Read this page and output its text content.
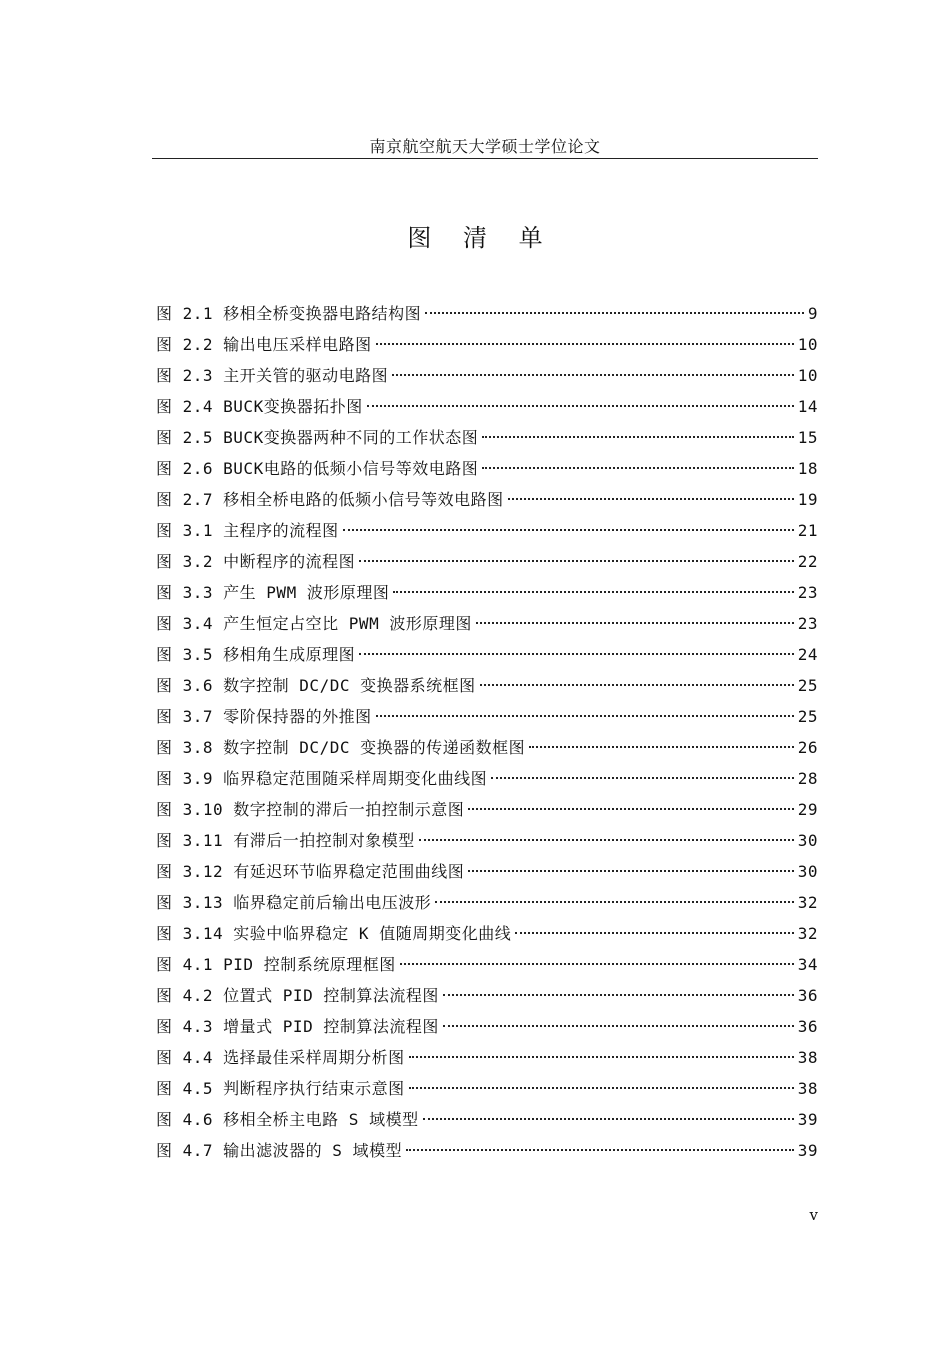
南京航空航天大学硕士学位论文
图 清 单
图 2.1 移相全桥变换器电路结构图	9
图 2.2 输出电压采样电路图	10
图 2.3 主开关管的驱动电路图	10
图 2.4 BUCK变换器拓扑图	14
图 2.5 BUCK变换器两种不同的工作状态图	15
图 2.6 BUCK电路的低频小信号等效电路图	18
图 2.7 移相全桥电路的低频小信号等效电路图	19
图 3.1 主程序的流程图	21
图 3.2 中断程序的流程图	22
图 3.3 产生 PWM 波形原理图	23
图 3.4 产生恒定占空比 PWM 波形原理图	23
图 3.5 移相角生成原理图	24
图 3.6 数字控制 DC/DC 变换器系统框图	25
图 3.7 零阶保持器的外推图	25
图 3.8 数字控制 DC/DC 变换器的传递函数框图	26
图 3.9 临界稳定范围随采样周期变化曲线图	28
图 3.10 数字控制的滞后一拍控制示意图	29
图 3.11 有滞后一拍控制对象模型	30
图 3.12 有延迟环节临界稳定范围曲线图	30
图 3.13 临界稳定前后输出电压波形	32
图 3.14 实验中临界稳定 K 值随周期变化曲线	32
图 4.1 PID 控制系统原理框图	34
图 4.2 位置式 PID 控制算法流程图	36
图 4.3 增量式 PID 控制算法流程图	36
图 4.4 选择最佳采样周期分析图	38
图 4.5 判断程序执行结束示意图	38
图 4.6 移相全桥主电路 S 域模型	39
图 4.7 输出滤波器的 S 域模型	39
v
